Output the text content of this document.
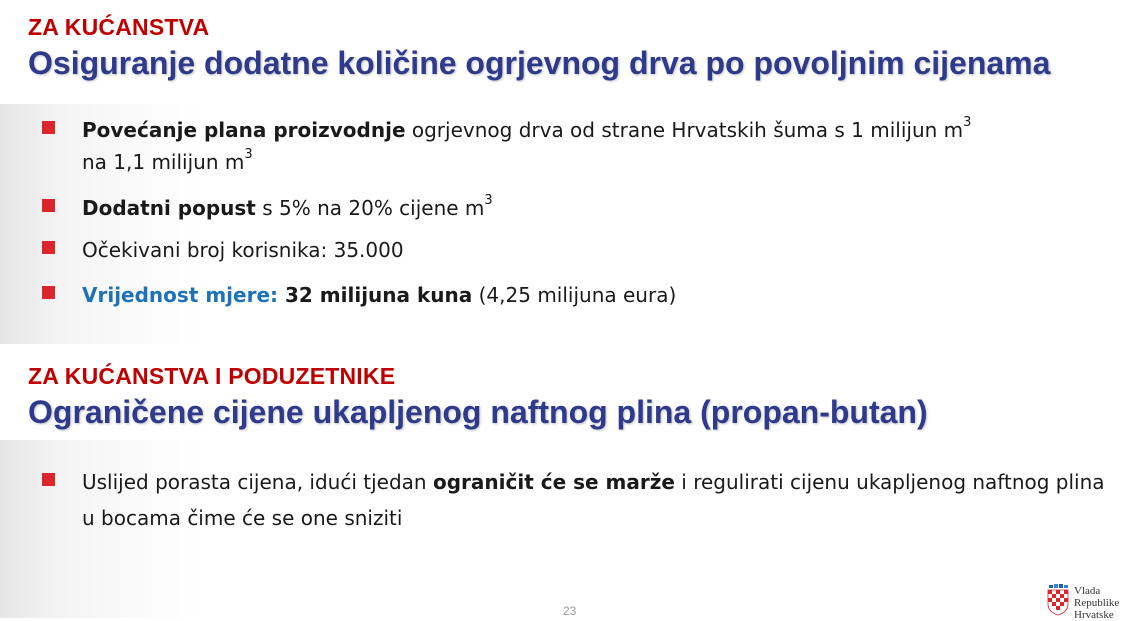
ZA KUĆANSTVA

Osiguranje dodatne količine ogrjevnog drva po povoljnim cijenama
Povećanje plana proizvodnje ogrjevnog drva od strane Hrvatskih šuma s 1 milijun $m^3$
na 1,1 milijun $m^3$
Dodatni popust s 5% na 20% cijene $m^3$
Očekivani broj korisnika: 35.000
Vrijednost mjere: 32 milijuna kuna (4,25 milijuna eura)

ZA KUĆANSTVA I PODUZETNIKE

Ograničene cijene ukapljenog naftnog plina (propan-butan)
Uslijed porasta cijena, idući tjedan ograničit će se marže i regulirati cijenu ukapljenog naftnog plina u bocama čime će se one sniziti
23
Vlada
Republike
Hrvatske
